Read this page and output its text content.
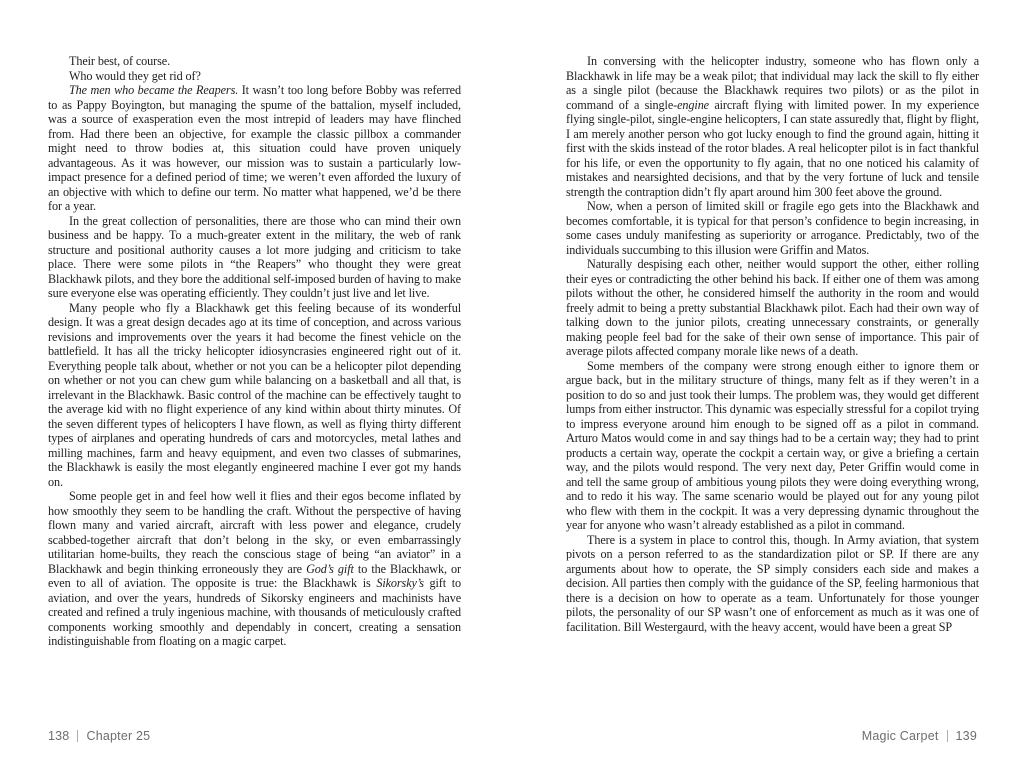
Their best, of course.

Who would they get rid of?

The men who became the Reapers. It wasn’t too long before Bobby was referred to as Pappy Boyington, but managing the spume of the battalion, myself included, was a source of exasperation even the most intrepid of leaders may have flinched from. Had there been an objective, for example the classic pillbox a commander might need to throw bodies at, this situation could have proven uniquely advantageous. As it was however, our mission was to sustain a particularly low-impact presence for a defined period of time; we weren’t even afforded the luxury of an objective with which to define our term. No matter what happened, we’d be there for a year.

In the great collection of personalities, there are those who can mind their own business and be happy. To a much-greater extent in the military, the web of rank structure and positional authority causes a lot more judging and criticism to take place. There were some pilots in “the Reapers” who thought they were great Blackhawk pilots, and they bore the additional self-imposed burden of having to make sure everyone else was operating efficiently. They couldn’t just live and let live.

Many people who fly a Blackhawk get this feeling because of its wonderful design. It was a great design decades ago at its time of conception, and across various revisions and improvements over the years it had become the finest vehicle on the battlefield. It has all the tricky helicopter idiosyncrasies engineered right out of it. Everything people talk about, whether or not you can be a helicopter pilot depending on whether or not you can chew gum while balancing on a basketball and all that, is irrelevant in the Blackhawk. Basic control of the machine can be effectively taught to the average kid with no flight experience of any kind within about thirty minutes. Of the seven different types of helicopters I have flown, as well as flying thirty different types of airplanes and operating hundreds of cars and motorcycles, metal lathes and milling machines, farm and heavy equipment, and even two classes of submarines, the Blackhawk is easily the most elegantly engineered machine I ever got my hands on.

Some people get in and feel how well it flies and their egos become inflated by how smoothly they seem to be handling the craft. Without the perspective of having flown many and varied aircraft, aircraft with less power and elegance, crudely scabbed-together aircraft that don’t belong in the sky, or even embarrassingly utilitarian home-builts, they reach the conscious stage of being “an aviator” in a Blackhawk and begin thinking erroneously they are God’s gift to the Blackhawk, or even to all of aviation. The opposite is true: the Blackhawk is Sikorsky’s gift to aviation, and over the years, hundreds of Sikorsky engineers and machinists have created and refined a truly ingenious machine, with thousands of meticulously crafted components working smoothly and dependably in concert, creating a sensation indistinguishable from floating on a magic carpet.

138 Chapter 25

In conversing with the helicopter industry, someone who has flown only a Blackhawk in life may be a weak pilot; that individual may lack the skill to fly either as a single pilot (because the Blackhawk requires two pilots) or as the pilot in command of a single-engine aircraft flying with limited power. In my experience flying single-pilot, single-engine helicopters, I can state assuredly that, flight by flight, I am merely another person who got lucky enough to find the ground again, hitting it first with the skids instead of the rotor blades. A real helicopter pilot is in fact thankful for his life, or even the opportunity to fly again, that no one noticed his calamity of mistakes and nearsighted decisions, and that by the very fortune of luck and tensile strength the contraption didn’t fly apart around him 300 feet above the ground.

Now, when a person of limited skill or fragile ego gets into the Blackhawk and becomes comfortable, it is typical for that person’s confidence to begin increasing, in some cases unduly manifesting as superiority or arrogance. Predictably, two of the individuals succumbing to this illusion were Griffin and Matos.

Naturally despising each other, neither would support the other, either rolling their eyes or contradicting the other behind his back. If either one of them was among pilots without the other, he considered himself the authority in the room and would freely admit to being a pretty substantial Blackhawk pilot. Each had their own way of talking down to the junior pilots, creating unnecessary constraints, or generally making people feel bad for the sake of their own sense of importance. This pair of average pilots affected company morale like news of a death.

Some members of the company were strong enough either to ignore them or argue back, but in the military structure of things, many felt as if they weren’t in a position to do so and just took their lumps. The problem was, they would get different lumps from either instructor. This dynamic was especially stressful for a copilot trying to impress everyone around him enough to be signed off as a pilot in command. Arturo Matos would come in and say things had to be a certain way; they had to print products a certain way, operate the cockpit a certain way, or give a briefing a certain way, and the pilots would respond. The very next day, Peter Griffin would come in and tell the same group of ambitious young pilots they were doing everything wrong, and to redo it his way. The same scenario would be played out for any young pilot who flew with them in the cockpit. It was a very depressing dynamic throughout the year for anyone who wasn’t already established as a pilot in command.

There is a system in place to control this, though. In Army aviation, that system pivots on a person referred to as the standardization pilot or SP. If there are any arguments about how to operate, the SP simply considers each side and makes a decision. All parties then comply with the guidance of the SP, feeling harmonious that there is a decision on how to operate as a team. Unfortunately for those younger pilots, the personality of our SP wasn’t one of enforcement as much as it was one of facilitation. Bill Westergaurd, with the heavy accent, would have been a great SP

Magic Carpet 139
